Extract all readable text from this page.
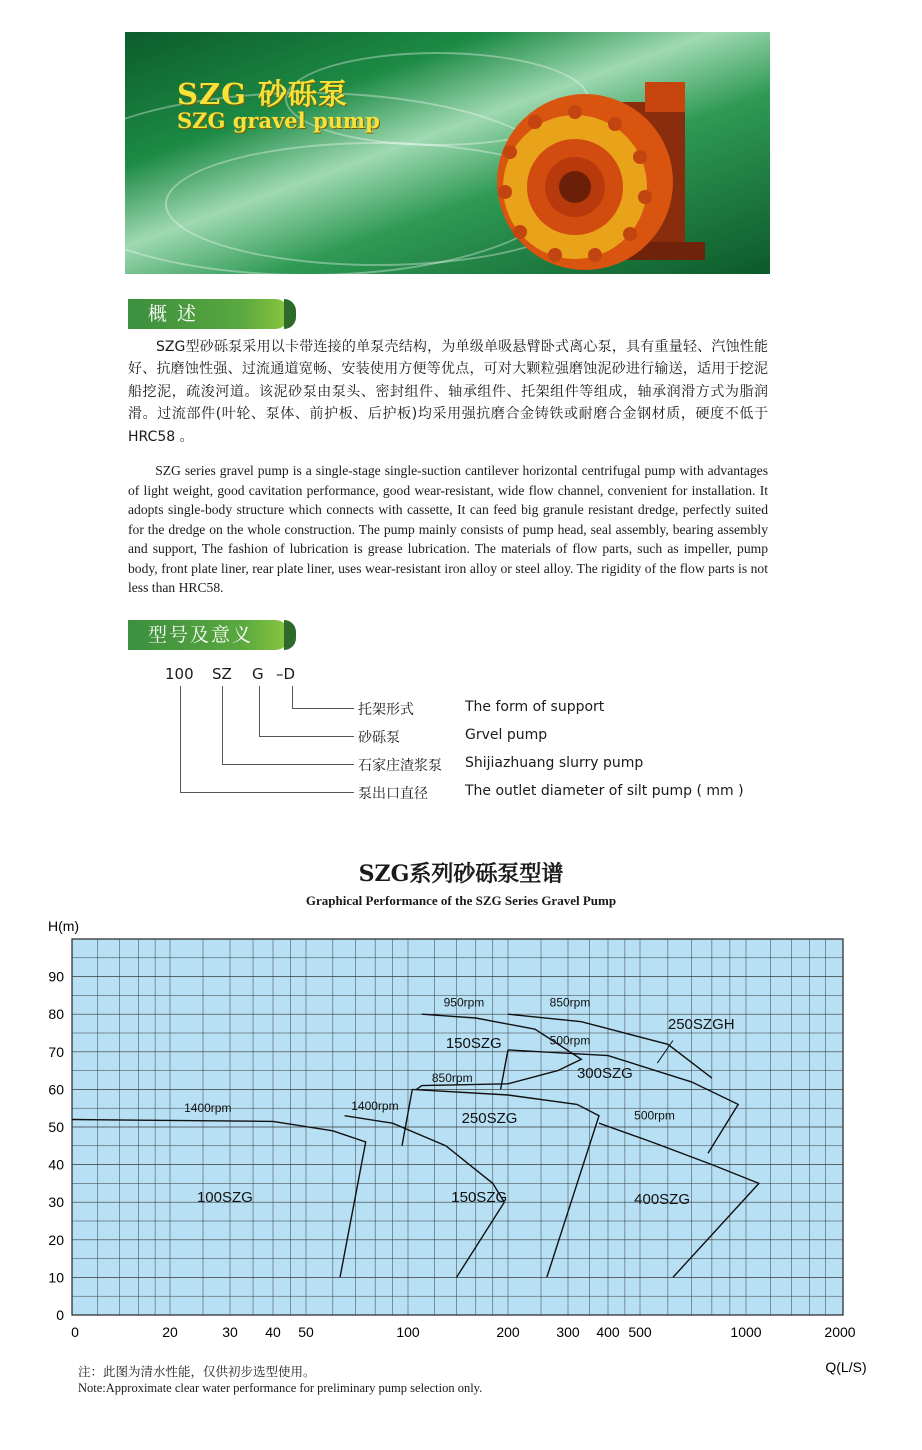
SZG 砂砾泵
SZG gravel pump
概 述
SZG型砂砾泵采用以卡带连接的单泵壳结构，为单级单吸悬臂卧式离心泵，具有重量轻、汽蚀性能好、抗磨蚀性强、过流通道宽畅、安装使用方便等优点，可对大颗粒强磨蚀泥砂进行输送，适用于挖泥船挖泥，疏浚河道。该泥砂泵由泵头、密封组件、轴承组件、托架组件等组成，轴承润滑方式为脂润滑。过流部件(叶轮、泵体、前护板、后护板)均采用强抗磨合金铸铁或耐磨合金钢材质，硬度不低于HRC58 。
SZG series gravel pump is a single-stage single-suction cantilever horizontal centrifugal pump with advantages of light weight, good cavitation performance, good wear-resistant, wide flow channel, convenient for installation. It adopts single-body structure which connects with cassette, It can feed big granule resistant dredge, perfectly suited for the dredge on the whole construction. The pump mainly consists of pump head, seal assembly, bearing assembly and support, The fashion of lubrication is grease lubrication. The materials of flow parts, such as impeller, pump body, front plate liner, rear plate liner, uses wear-resistant iron alloy or steel alloy. The rigidity of the flow parts is not less than HRC58.
型号及意义
100 SZ G –D
托架形式	The form of support
砂砾泵	Grvel pump
石家庄渣浆泵 Shijiazhuang slurry pump
泵出口直径	The outlet diameter of silt pump ( mm )
SZG系列砂砾泵型谱
Graphical Performance of the SZG Series Gravel Pump
0
10
20
30
40
50
60
70
80
90
H(m)
0	20	30 40 50	100	200	300 400 500	1000	2000
Q(L/S)
1400rpm	1400rpm
950rpm
850rpm
850rpm
500rpm
500rpm
100SZG	150SZG
150SZG
250SZG
300SZG
400SZG
250SZGH
注：此图为清水性能，仅供初步选型使用。
Note:Approximate clear water performance for preliminary pump selection only.
